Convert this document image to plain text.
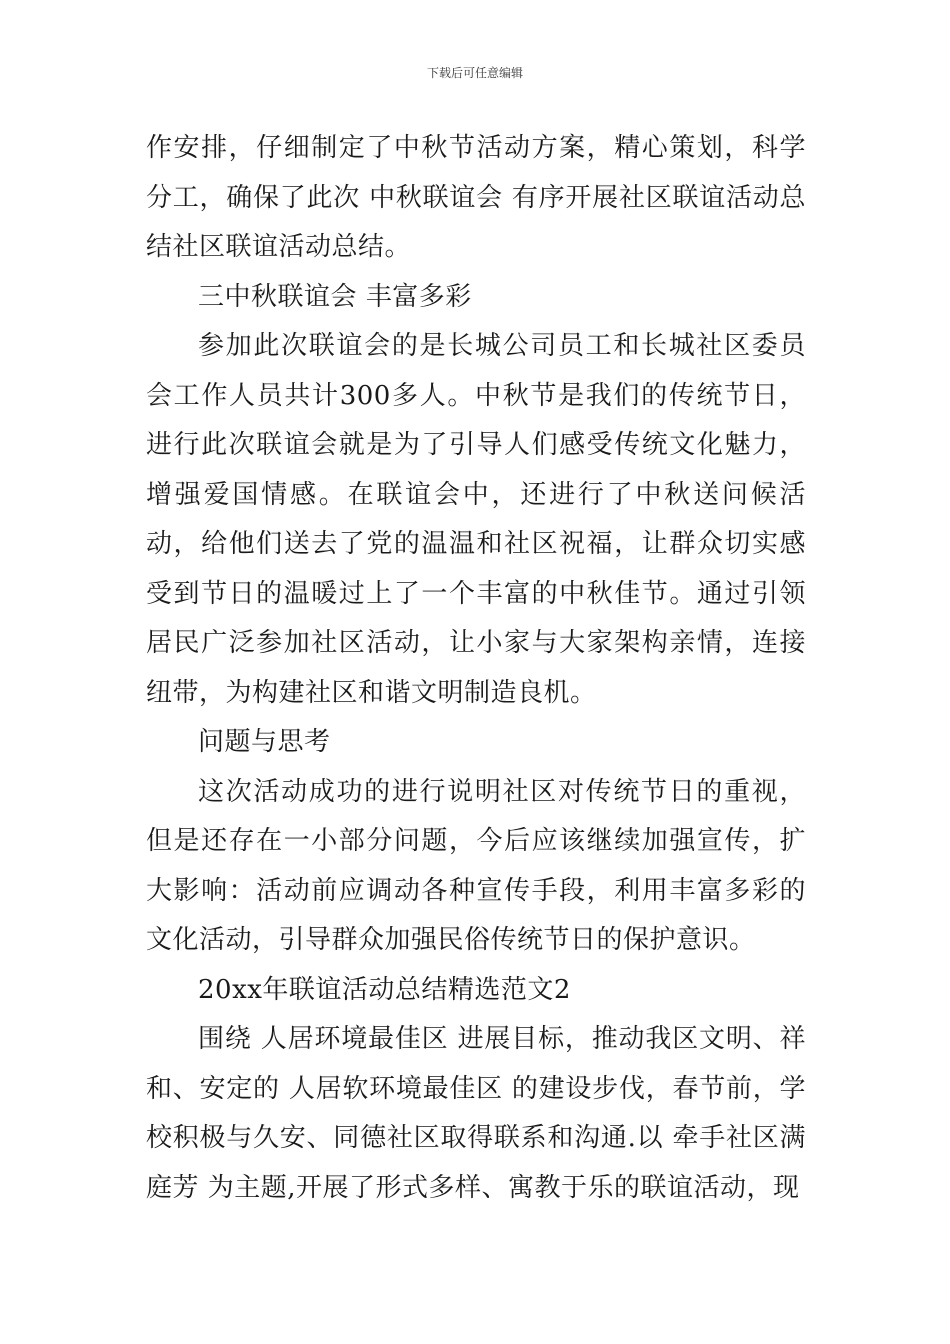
下载后可任意编辑

作安排，仔细制定了中秋节活动方案，精心策划，科学分工，确保了此次 中秋联谊会 有序开展社区联谊活动总结社区联谊活动总结。

三中秋联谊会 丰富多彩

参加此次联谊会的是长城公司员工和长城社区委员会工作人员共计300多人。中秋节是我们的传统节日，进行此次联谊会就是为了引导人们感受传统文化魅力，增强爱国情感。在联谊会中，还进行了中秋送问候活动，给他们送去了党的温温和社区祝福，让群众切实感受到节日的温暖过上了一个丰富的中秋佳节。通过引领居民广泛参加社区活动，让小家与大家架构亲情，连接纽带，为构建社区和谐文明制造良机。

问题与思考

这次活动成功的进行说明社区对传统节日的重视，但是还存在一小部分问题，今后应该继续加强宣传，扩大影响：活动前应调动各种宣传手段，利用丰富多彩的文化活动，引导群众加强民俗传统节日的保护意识。

20xx年联谊活动总结精选范文2

围绕 人居环境最佳区 进展目标，推动我区文明、祥和、安定的 人居软环境最佳区 的建设步伐，春节前，学校积极与久安、同德社区取得联系和沟通.以 牵手社区满庭芳 为主题,开展了形式多样、寓教于乐的联谊活动，现
